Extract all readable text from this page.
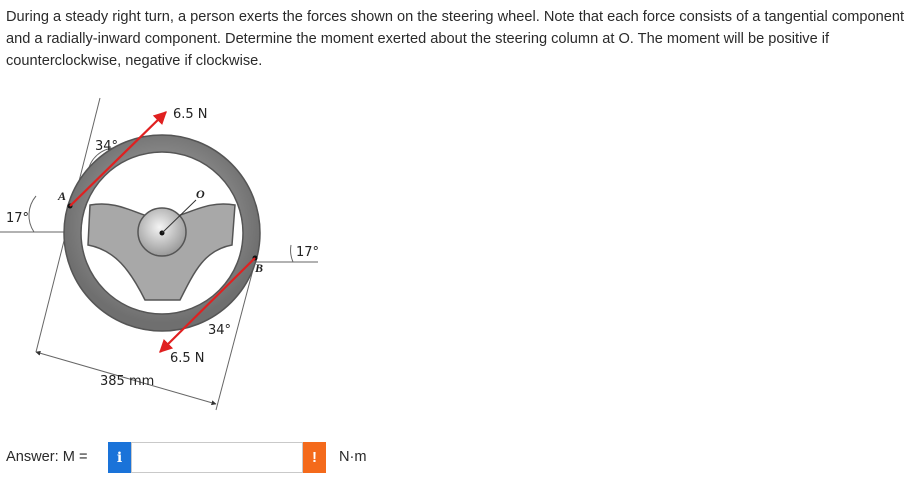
During a steady right turn, a person exerts the forces shown on the steering wheel. Note that each force consists of a tangential component and a radially-inward component. Determine the moment exerted about the steering column at O. The moment will be positive if counterclockwise, negative if clockwise.

6.5 N
6.5 N
34°
34°
17°
17°
A
B
O
385 mm
Answer: M =	i	!	N·m
